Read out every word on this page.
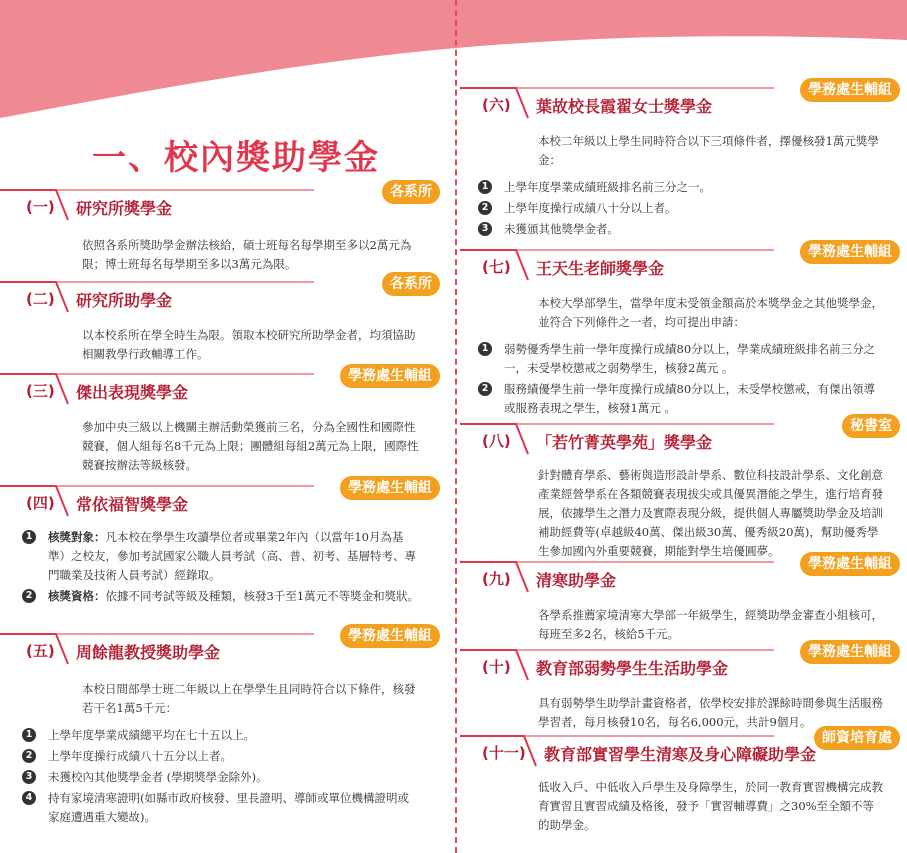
一、校內獎助學金
(一) 研究所獎學金
各系所
依照各系所獎助學金辦法核給，碩士班每名每學期至多以2萬元為限；博士班每名每學期至多以3萬元為限。
(二) 研究所助學金
各系所
以本校系所在學全時生為限。領取本校研究所助學金者，均須協助相關教學行政輔導工作。
(三) 傑出表現獎學金
學務處生輔組
參加中央三級以上機關主辦活動榮獲前三名，分為全國性和國際性競賽，個人組每名8千元為上限；團體組每組2萬元為上限，國際性競賽按辦法等級核發。
(四) 常依福智獎學金
學務處生輔組
1	核獎對象：凡本校在學學生攻讀學位者或畢業2年內（以當年10月為基準）之校友，參加考試國家公職人員考試（高、普、初考、基層特考、專門職業及技術人員考試）經錄取。
2	核獎資格：依據不同考試等級及種類，核發3千至1萬元不等獎金和獎狀。
(五) 周餘龍教授獎助學金
學務處生輔組
本校日間部學士班二年級以上在學學生且同時符合以下條件，核發若干名1萬5千元：
1	上學年度學業成績總平均在七十五以上。
2	上學年度操行成績八十五分以上者。
3	未獲校內其他獎學金者 (學期獎學金除外)。
4	持有家境清寒證明(如縣市政府核發、里長證明、導師或單位機構證明或家庭遭遇重大變故)。
(六) 葉故校長霞翟女士獎學金
學務處生輔組
本校二年級以上學生同時符合以下三項條件者，擇優核發1萬元獎學金：
1	上學年度學業成績班級排名前三分之一。
2	上學年度操行成績八十分以上者。
3	未獲頒其他獎學金者。
(七) 王天生老師獎學金
學務處生輔組
本校大學部學生，當學年度未受領金額高於本獎學金之其他獎學金，並符合下列條件之一者，均可提出申請：
1	弱勢優秀學生前一學年度操行成績80分以上，學業成績班級排名前三分之一，未受學校懲戒之弱勢學生，核發2萬元 。
2	服務績優學生前一學年度操行成績80分以上，未受學校懲戒，有傑出領導或服務表現之學生，核發1萬元 。
(八) 「若竹菁英學苑」獎學金
秘書室
針對體育學系、藝術與造形設計學系、數位科技設計學系、文化創意產業經營學系在各類競賽表現拔尖或具優異潛能之學生，進行培育發展，依據學生之潛力及實際表現分級，提供個人專屬獎助學金及培訓補助經費等(卓越級40萬、傑出級30萬、優秀級20萬)，幫助優秀學生參加國內外重要競賽，期能對學生培優圓夢。
(九) 清寒助學金
學務處生輔組
各學系推薦家境清寒大學部一年級學生，經獎助學金審查小組核可，每班至多2名，核給5千元。
(十) 教育部弱勢學生生活助學金
學務處生輔組
具有弱勢學生助學計畫資格者，依學校安排於課餘時間參與生活服務學習者，每月核發10名，每名6,000元，共計9個月。
(十一) 教育部實習學生清寒及身心障礙助學金
師資培育處
低收入戶、中低收入戶學生及身障學生，於同一教育實習機構完成教育實習且實習成績及格後，發予「實習輔導費」之30%至全額不等的助學金。
